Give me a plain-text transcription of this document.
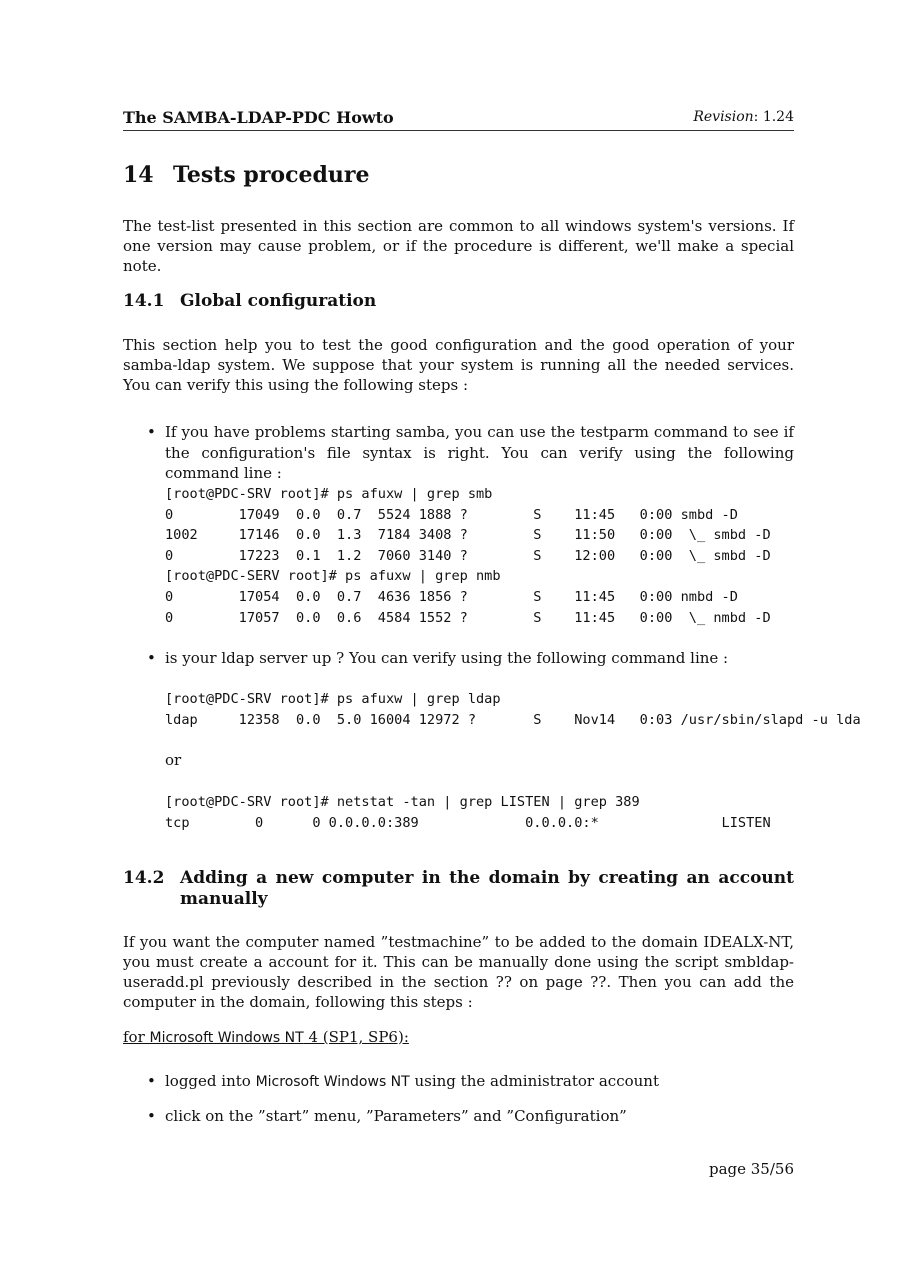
The SAMBA-LDAP-PDC Howto	Revision: 1.24
14 Tests procedure
The test-list presented in this section are common to all windows system's versions. If one version may cause problem, or if the procedure is different, we'll make a special note.
14.1 Global configuration
This section help you to test the good configuration and the good operation of your samba-ldap system. We suppose that your system is running all the needed services. You can verify this using the following steps :
• If you have problems starting samba, you can use the testparm command to see if the configuration's file syntax is right. You can verify using the following command line :
[root@PDC-SRV root]# ps afuxw | grep smb
0        17049  0.0  0.7  5524 1888 ?        S    11:45   0:00 smbd -D
1002     17146  0.0  1.3  7184 3408 ?        S    11:50   0:00  \_ smbd -D
0        17223  0.1  1.2  7060 3140 ?        S    12:00   0:00  \_ smbd -D
[root@PDC-SERV root]# ps afuxw | grep nmb
0        17054  0.0  0.7  4636 1856 ?        S    11:45   0:00 nmbd -D
0        17057  0.0  0.6  4584 1552 ?        S    11:45   0:00  \_ nmbd -D
• is your ldap server up ? You can verify using the following command line :
[root@PDC-SRV root]# ps afuxw | grep ldap
ldap     12358  0.0  5.0 16004 12972 ?       S    Nov14   0:03 /usr/sbin/slapd -u lda
or
[root@PDC-SRV root]# netstat -tan | grep LISTEN | grep 389
tcp        0      0 0.0.0.0:389             0.0.0.0:*               LISTEN
14.2 Adding a new computer in the domain by creating an account manually
If you want the computer named ”testmachine” to be added to the domain IDEALX-NT, you must create a account for it. This can be manually done using the script smbldap-useradd.pl previously described in the section ?? on page ??. Then you can add the computer in the domain, following this steps :
for Microsoft Windows NT 4 (SP1, SP6):
• logged into Microsoft Windows NT using the administrator account
• click on the ”start” menu, ”Parameters” and ”Configuration”
page 35/56
